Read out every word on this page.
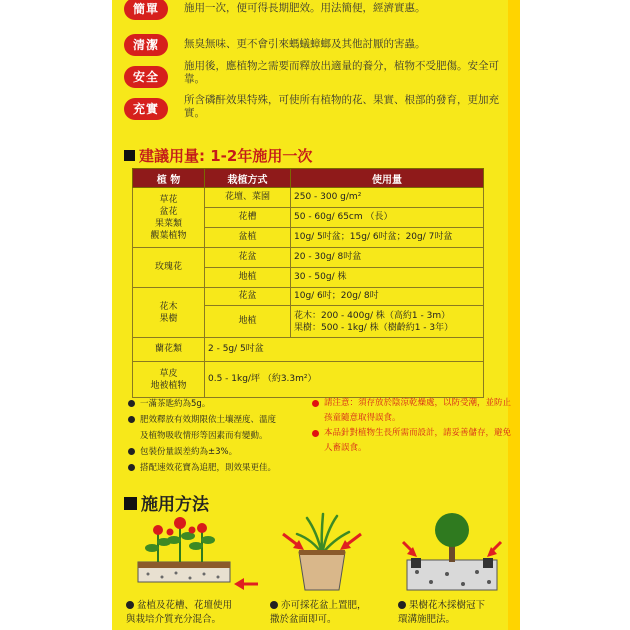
簡單	施用一次，便可得長期肥效。用法簡便，經濟實惠。
清潔	無臭無味、更不會引來螞蟻蟑螂及其他討厭的害蟲。
安全
施用後，應植物之需要而釋放出適量的養分，植物不受肥傷。安全可靠。
充實
所含磷酐效果特殊，可使所有植物的花、果實、根部的發育，更加充實。
建議用量: 1-2年施用一次
植 物	栽植方式	使用量
草花
盆花
果菜類
觀葉植物	花壇、菜園	250 - 300 g/m²
	花槽	50 - 60g/ 65cm （長）
	盆植	10g/ 5吋盆；15g/ 6吋盆；20g/ 7吋盆
玫瑰花	花盆	20 - 30g/ 8吋盆
	地植	30 - 50g/ 株
花木
果樹	花盆	10g/ 6吋；20g/ 8吋
	地植	花木：200 - 400g/ 株（高約1 - 3m）
果樹：500 - 1kg/ 株（樹齡約1 - 3年）
蘭花類	2 - 5g/ 5吋盆	
草皮
地被植物	0.5 - 1kg/坪 （約3.3m²）	
一滿茶匙約為5g。
肥效釋放有效期限依土壤溼度、溫度
及植物吸收情形等因素而有變動。
包裝份量誤差約為±3%。
搭配速效花寶為追肥，則效果更佳。
請注意：須存放於陰涼乾燥處，以防受潮，並防止孩童隨意取得誤食。
本品針對植物生長所需而設計，請妥善儲存，避免人畜誤食。
施用方法
盆植及花槽、花壇使用
與栽培介質充分混合。
亦可採花盆上置肥，
撒於盆面即可。
果樹花木採樹冠下
環溝施肥法。
